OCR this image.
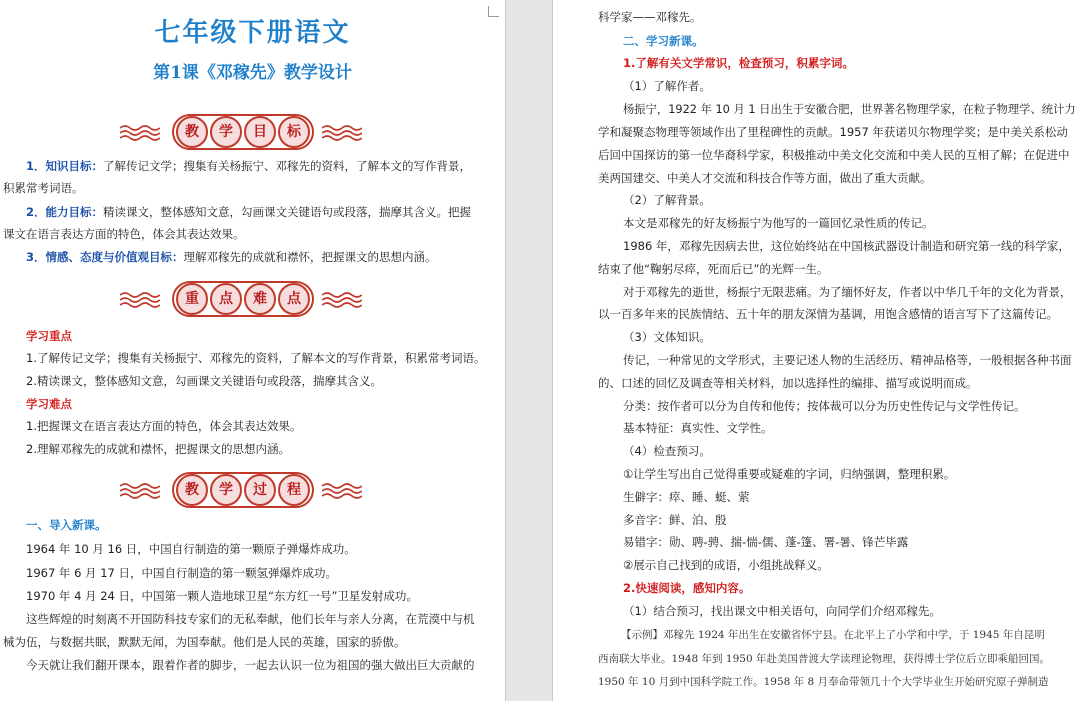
七年级下册语文
第1课《邓稼先》教学设计
教	学	目	标
1．知识目标：了解传记文学；搜集有关杨振宁、邓稼先的资料，了解本文的写作背景，
积累常考词语。
2．能力目标：精读课文，整体感知文意，勾画课文关键语句或段落，揣摩其含义。把握
课文在语言表达方面的特色，体会其表达效果。
3．情感、态度与价值观目标：理解邓稼先的成就和襟怀，把握课文的思想内涵。
重	点	难	点
学习重点
1.了解传记文学；搜集有关杨振宁、邓稼先的资料，了解本文的写作背景，积累常考词语。
2.精读课文，整体感知文意，勾画课文关键语句或段落，揣摩其含义。
学习难点
1.把握课文在语言表达方面的特色，体会其表达效果。
2.理解邓稼先的成就和襟怀，把握课文的思想内涵。
教	学	过	程
一、导入新课。
1964 年 10 月 16 日，中国自行制造的第一颗原子弹爆炸成功。
1967 年 6 月 17 日，中国自行制造的第一颗氢弹爆炸成功。
1970 年 4 月 24 日，中国第一颗人造地球卫星“东方红一号”卫星发射成功。
这些辉煌的时刻离不开国防科技专家们的无私奉献，他们长年与亲人分离，在荒漠中与机
械为伍，与数据共眠，默默无闻，为国奉献。他们是人民的英雄，国家的骄傲。
今天就让我们翻开课本，跟着作者的脚步，一起去认识一位为祖国的强大做出巨大贡献的
科学家——邓稼先。
二、学习新课。
1.了解有关文学常识，检查预习，积累字词。
（1）了解作者。
杨振宁，1922 年 10 月 1 日出生于安徽合肥，世界著名物理学家，在粒子物理学、统计力
学和凝聚态物理等领域作出了里程碑性的贡献。1957 年获诺贝尔物理学奖；是中美关系松动
后回中国探访的第一位华裔科学家，积极推动中美文化交流和中美人民的互相了解；在促进中
美两国建交、中美人才交流和科技合作等方面，做出了重大贡献。
（2）了解背景。
本文是邓稼先的好友杨振宁为他写的一篇回忆录性质的传记。
1986 年，邓稼先因病去世，这位始终站在中国核武器设计制造和研究第一线的科学家，
结束了他“鞠躬尽瘁，死而后已”的光辉一生。
对于邓稼先的逝世，杨振宁无限悲痛。为了缅怀好友，作者以中华几千年的文化为背景，
以一百多年来的民族情结、五十年的朋友深情为基调，用饱含感情的语言写下了这篇传记。
（3）文体知识。
传记，一种常见的文学形式，主要记述人物的生活经历、精神品格等，一般根据各种书面
的、口述的回忆及调查等相关材料，加以选择性的编排、描写或说明而成。
分类：按作者可以分为自传和他传；按体裁可以分为历史性传记与文学性传记。
基本特征：真实性、文学性。
（4）检查预习。
①让学生写出自己觉得重要或疑难的字词，归纳强调，整理积累。
生僻字：瘁、睡、蜓、萦
多音字：鲜、泊、殷
易错字：勋、聘-骋、揣-惴-儒、蓬-篷、署-暑、锋芒毕露
②展示自己找到的成语，小组挑战释义。
2.快速阅读，感知内容。
（1）结合预习，找出课文中相关语句，向同学们介绍邓稼先。
【示例】邓稼先 1924 年出生在安徽省怀宁县。在北平上了小学和中学，于 1945 年自昆明
西南联大毕业。1948 年到 1950 年赴美国普渡大学读理论物理，获得博士学位后立即乘船回国。
1950 年 10 月到中国科学院工作。1958 年 8 月奉命带领几十个大学毕业生开始研究原子弹制造
